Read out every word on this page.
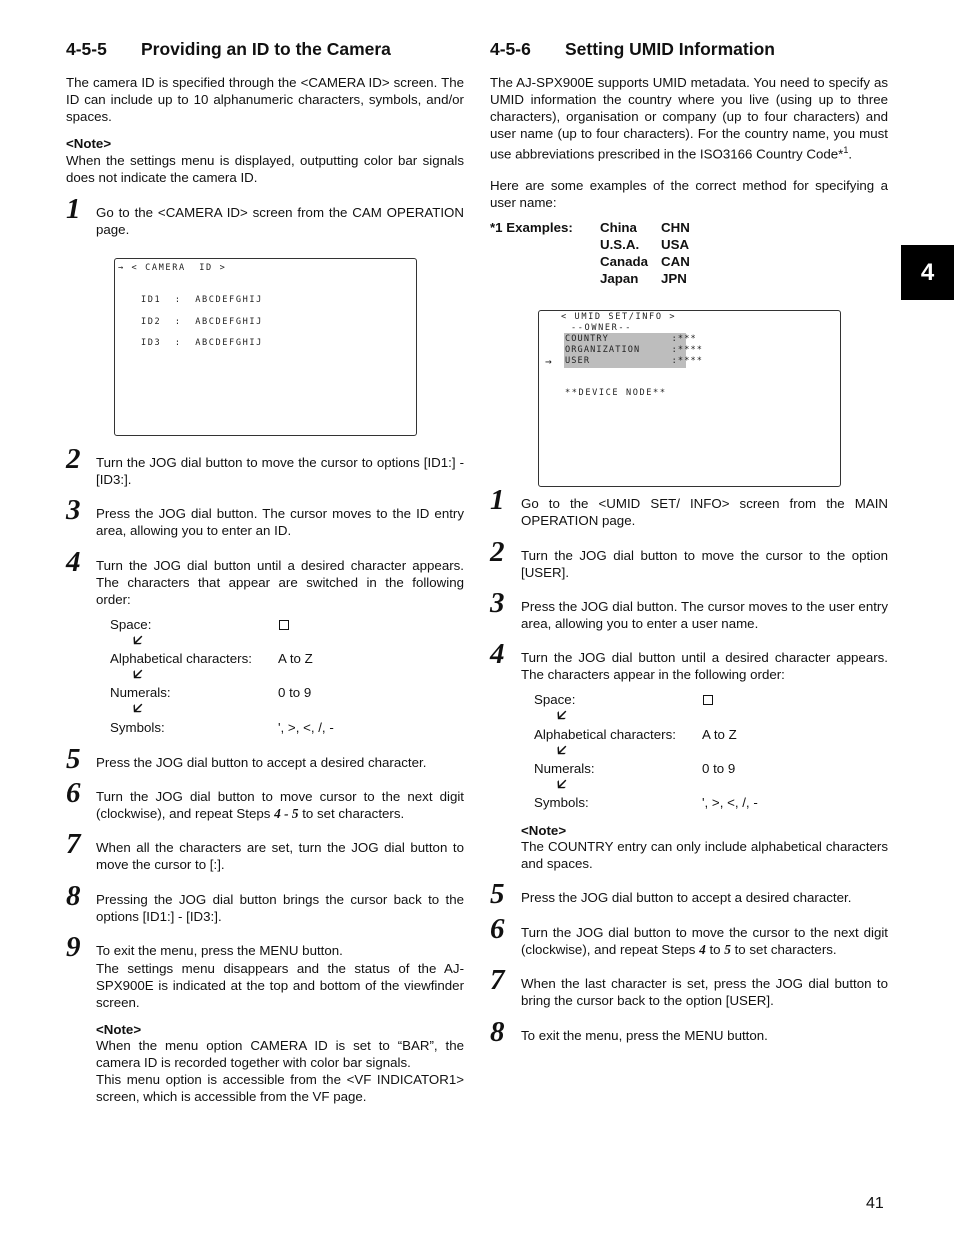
4-5-5 Providing an ID to the Camera
The camera ID is specified through the <CAMERA ID> screen. The ID can include up to 10 alphanumeric characters, symbols, and/or spaces.
<Note>
When the settings menu is displayed, outputting color bar signals does not indicate the camera ID.
1 Go to the <CAMERA ID> screen from the CAM OPERATION page.
→ < CAMERA  ID >
ID1  :  ABCDEFGHIJ
ID2  :  ABCDEFGHIJ
ID3  :  ABCDEFGHIJ
2 Turn the JOG dial button to move the cursor to options [ID1:] - [ID3:].
3 Press the JOG dial button. The cursor moves to the ID entry area, allowing you to enter an ID.
4 Turn the JOG dial button until a desired character appears. The characters that appear are switched in the following order:
Space:
🡧
Alphabetical characters: A to Z
🡧
Numerals:	0 to 9
🡧
Symbols:	', >, <, /, -
5 Press the JOG dial button to accept a desired character.
6 Turn the JOG dial button to move cursor to the next digit (clockwise), and repeat Steps 4 - 5 to set characters.
7 When all the characters are set, turn the JOG dial button to move the cursor to [:].
8 Pressing the JOG dial button brings the cursor back to the options [ID1:] - [ID3:].
9 To exit the menu, press the MENU button.
The settings menu disappears and the status of the AJ-SPX900E is indicated at the top and bottom of the viewfinder screen.
<Note>
When the menu option CAMERA ID is set to “BAR”, the camera ID is recorded together with color bar signals.
This menu option is accessible from the <VF INDICATOR1> screen, which is accessible from the VF page.
4-5-6 Setting UMID Information
The AJ-SPX900E supports UMID metadata. You need to specify as UMID information the country where you live (using up to three characters), organisation or company (up to four characters) and user name (up to four characters). For the country name, you must use abbreviations prescribed in the ISO3166 Country Code*$^1$.
Here are some examples of the correct method for specifying a user name:
*1 Examples: China CHN
U.S.A. USA
Canada CAN
Japan JPN
< UMID SET/INFO >
--OWNER--
COUNTRY          :***
ORGANIZATION     :****
USER             :****
→
**DEVICE NODE**
1 Go to the <UMID SET/ INFO> screen from the MAIN OPERATION page.
2 Turn the JOG dial button to move the cursor to the option [USER].
3 Press the JOG dial button. The cursor moves to the user entry area, allowing you to enter a user name.
4 Turn the JOG dial button until a desired character appears. The characters appear in the following order:
Space:
🡧
Alphabetical characters: A to Z
🡧
Numerals:	0 to 9
🡧
Symbols:	', >, <, /, -
<Note>
The COUNTRY entry can only include alphabetical characters and spaces.
5 Press the JOG dial button to accept a desired character.
6 Turn the JOG dial button to move the cursor to the next digit (clockwise), and repeat Steps 4 to 5 to set characters.
7 When the last character is set, press the JOG dial button to bring the cursor back to the option [USER].
8 To exit the menu, press the MENU button.
4
41
